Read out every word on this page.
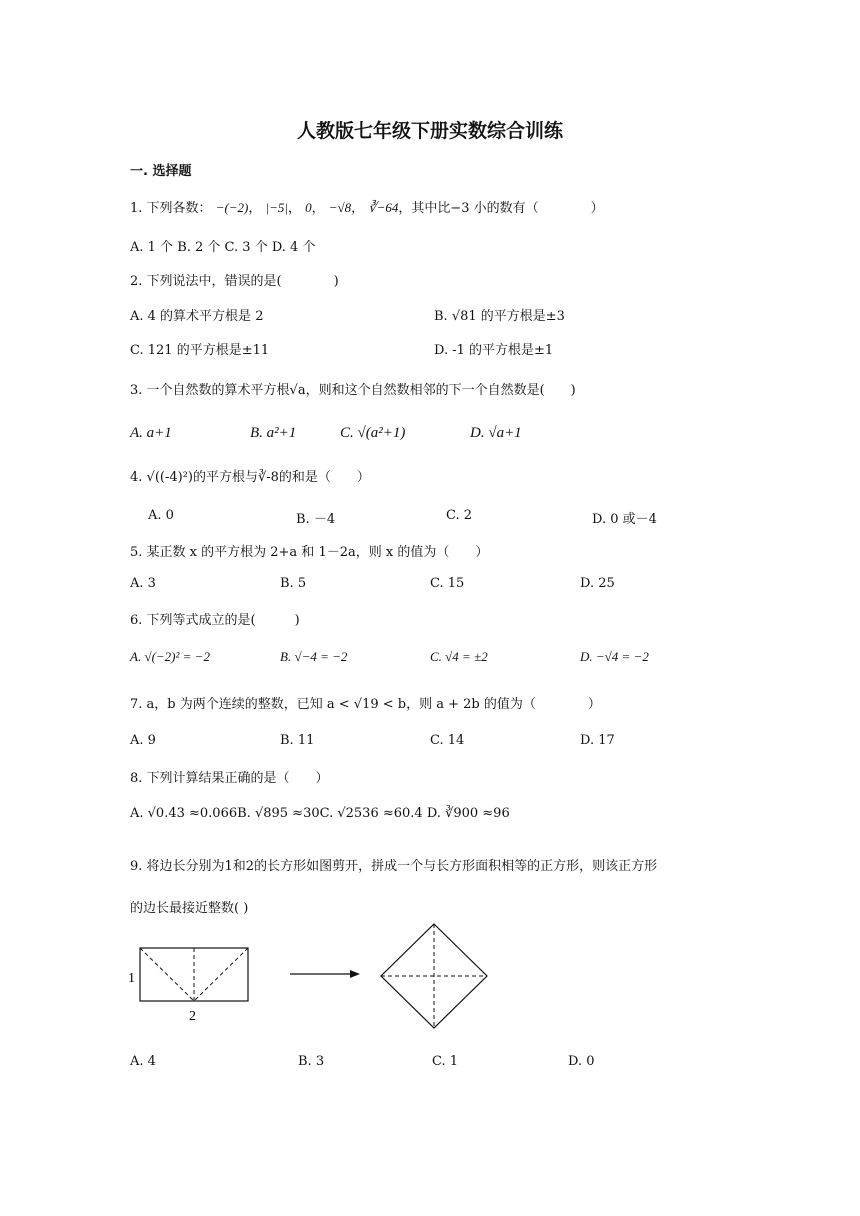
人教版七年级下册实数综合训练
一. 选择题
1. 下列各数： −(−2)， |−5|， 0， −√8， ∛−64，其中比−3 小的数有（　　　　）
A. 1 个 B. 2 个 C. 3 个 D. 4 个
2. 下列说法中，错误的是(　　　　)
A. 4 的算术平方根是 2	B. √81 的平方根是±3
C. 121 的平方根是±11	D. -1 的平方根是±1
3. 一个自然数的算术平方根√a，则和这个自然数相邻的下一个自然数是(　　)
A. a+1	B. a²+1	C. √(a²+1)	D. √a+1
4. √((-4)²)的平方根与∛-8的和是（　　）
A. 0	B. －4	C. 2	D. 0 或－4
5. 某正数 x 的平方根为 2+a 和 1－2a，则 x 的值为（　　）
A. 3	B. 5	C. 15	D. 25
6. 下列等式成立的是(　　　)
A. √(−2)² = −2	B. √−4 = −2	C. √4 = ±2	D. −√4 = −2
7. a，b 为两个连续的整数，已知 a < √19 < b，则 a + 2b 的值为（　　　　）
A. 9	B. 11	C. 14	D. 17
8. 下列计算结果正确的是（　　）
A. √0.43 ≈0.066B. √895 ≈30C. √2536 ≈60.4 D. ∛900 ≈96
9. 将边长分别为1和2的长方形如图剪开，拼成一个与长方形面积相等的正方形，则该正方形
的边长最接近整数( )
1
2
A. 4	B. 3	C. 1	D. 0
